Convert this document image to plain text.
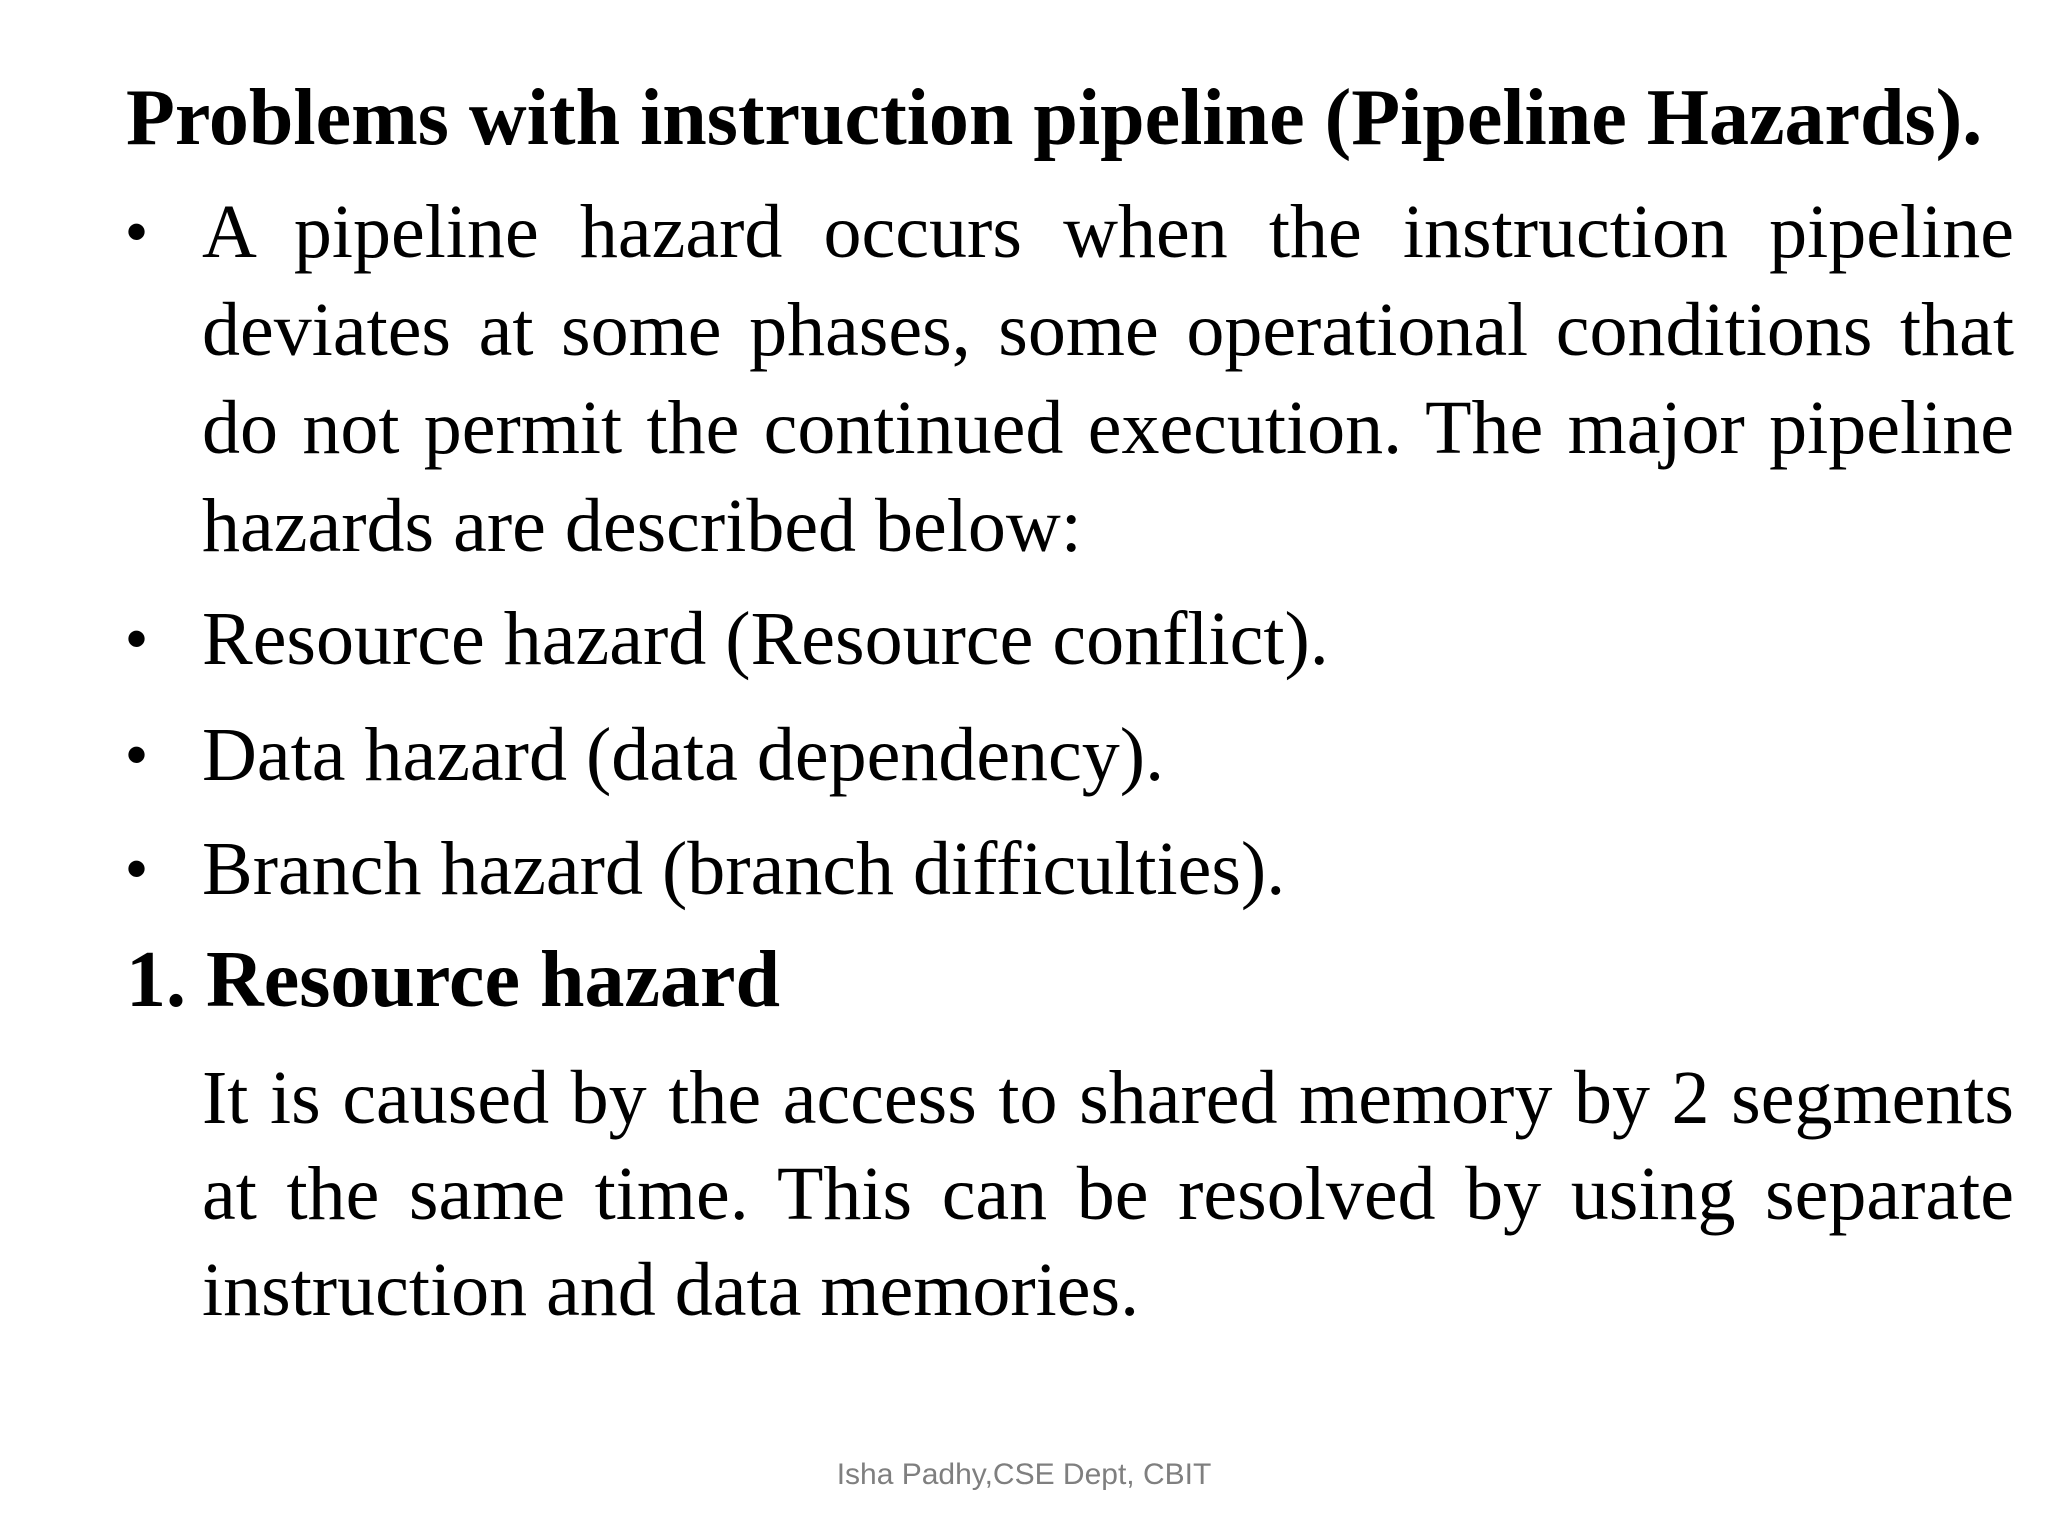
Problems with instruction pipeline (Pipeline Hazards).
• A pipeline hazard occurs when the instruction pipeline deviates at some phases, some operational conditions that do not permit the continued execution. The major pipeline hazards are described below:
• Resource hazard (Resource conflict).
• Data hazard (data dependency).
• Branch hazard (branch difficulties).
1. Resource hazard
It is caused by the access to shared memory by 2 segments at the same time. This can be resolved by using separate instruction and data memories.
Isha Padhy,CSE Dept, CBIT
